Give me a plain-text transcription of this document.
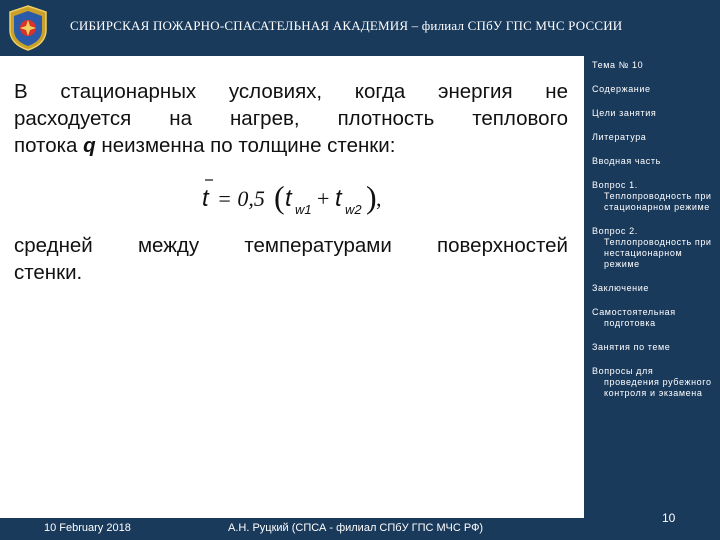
СИБИРСКАЯ ПОЖАРНО-СПАСАТЕЛЬНАЯ АКАДЕМИЯ – филиал СПбУ ГПС МЧС РОССИИ
В стационарных условиях, когда энергия не
расходуется на нагрев, плотность теплового
потока q неизменна по толщине стенки:
t = 0,5 ( t w1 + t w2 ) ,
средней между температурами поверхностей
стенки.
Тема № 10
Содержание
Цели занятия
Литература
Вводная часть
Вопрос 1.
Теплопроводность при стационарном режиме
Вопрос 2.
Теплопроводность при нестационарном режиме
Заключение
Самостоятельная
подготовка
Занятия по теме
Вопросы для
проведения рубежного контроля и экзамена
10 February 2018	А.Н. Руцкий (СПСА - филиал СПбУ ГПС МЧС РФ)
10
